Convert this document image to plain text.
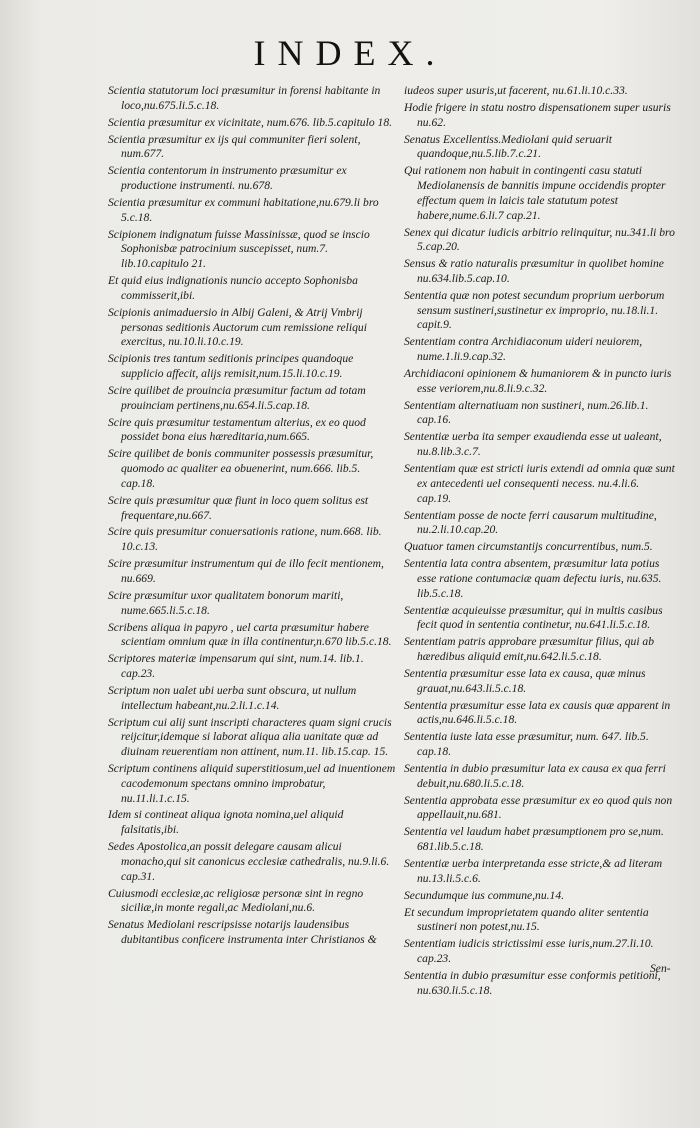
INDEX.
Scientia statutorum loci præsumitur in forensi habitante in loco,nu.675.li.5.c.18.
Scientia præsumitur ex vicinitate, num.676. lib.5.capitulo 18.
Scientia præsumitur ex ijs qui communiter fieri solent, num.677.
Scientia contentorum in instrumento præsumitur ex productione instrumenti. nu.678.
Scientia præsumitur ex communi habitatione,nu.679.li bro 5.c.18.
Scipionem indignatum fuisse Massinissæ, quod se inscio Sophonisbæ patrocinium suscepisset, num.7. lib.10.capitulo 21.
Et quid eius indignationis nuncio accepto Sophonisba commisserit,ibi.
Scipionis animaduersio in Albij Galeni, & Atrij Vmbrij personas seditionis Auctorum cum remissione reliqui exercitus, nu.10.li.10.c.19.
Scipionis tres tantum seditionis principes quandoque supplicio affecit, alijs remisit,num.15.li.10.c.19.
Scire quilibet de prouincia præsumitur factum ad totam prouinciam pertinens,nu.654.li.5.cap.18.
Scire quis præsumitur testamentum alterius, ex eo quod possidet bona eius hæreditaria,num.665.
Scire quilibet de bonis communiter possessis præsumitur, quomodo ac qualiter ea obuenerint, num.666. lib.5. cap.18.
Scire quis præsumitur quæ fiunt in loco quem solitus est frequentare,nu.667.
Scire quis presumitur conuersationis ratione, num.668. lib. 10.c.13.
Scire præsumitur instrumentum qui de illo fecit mentionem, nu.669.
Scire præsumitur uxor qualitatem bonorum mariti, nume.665.li.5.c.18.
Scribens aliqua in papyro , uel carta præsumitur habere scientiam omnium quæ in illa continentur,n.670 lib.5.c.18.
Scriptores materiæ impensarum qui sint, num.14. lib.1. cap.23.
Scriptum non ualet ubi uerba sunt obscura, ut nullum intellectum habeant,nu.2.li.1.c.14.
Scriptum cui alij sunt inscripti characteres quam signi crucis reijcitur,idemque si laborat aliqua alia uanitate quæ ad diuinam reuerentiam non attinent, num.11. lib.15.cap. 15.
Scriptum continens aliquid superstitiosum,uel ad inuentionem cacodemonum spectans omnino improbatur, nu.11.li.1.c.15.
Idem si contineat aliqua ignota nomina,uel aliquid falsitatis,ibi.
Sedes Apostolica,an possit delegare causam alicui monacho,qui sit canonicus ecclesiæ cathedralis, nu.9.li.6. cap.31.
Cuiusmodi ecclesiæ,ac religiosæ personæ sint in regno siciliæ,in monte regali,ac Mediolani,nu.6.
Senatus Mediolani rescripsisse notarijs laudensibus dubitantibus conficere instrumenta inter Christianos &
iudeos super usuris,ut facerent, nu.61.li.10.c.33.
Hodie frigere in statu nostro dispensationem super usuris nu.62.
Senatus Excellentiss.Mediolani quid seruarit quandoque,nu.5.lib.7.c.21.
Qui rationem non habuit in contingenti casu statuti Mediolanensis de bannitis impune occidendis propter effectum quem in laicis tale statutum potest habere,nume.6.li.7 cap.21.
Senex qui dicatur iudicis arbitrio relinquitur, nu.341.li bro 5.cap.20.
Sensus & ratio naturalis præsumitur in quolibet homine nu.634.lib.5.cap.10.
Sententia quæ non potest secundum proprium uerborum sensum sustineri,sustinetur ex improprio, nu.18.li.1. capit.9.
Sententiam contra Archidiaconum uideri neuiorem, nume.1.li.9.cap.32.
Archidiaconi opinionem & humaniorem & in puncto iuris esse veriorem,nu.8.li.9.c.32.
Sententiam alternatiuam non sustineri, num.26.lib.1. cap.16.
Sententiæ uerba ita semper exaudienda esse ut ualeant, nu.8.lib.3.c.7.
Sententiam quæ est stricti iuris extendi ad omnia quæ sunt ex antecedenti uel consequenti necess. nu.4.li.6. cap.19.
Sententiam posse de nocte ferri causarum multitudine, nu.2.li.10.cap.20.
Quatuor tamen circumstantijs concurrentibus, num.5.
Sententia lata contra absentem, præsumitur lata potius esse ratione contumaciæ quam defectu iuris, nu.635. lib.5.c.18.
Sententiæ acquieuisse præsumitur, qui in multis casibus fecit quod in sententia continetur, nu.641.li.5.c.18.
Sententiam patris approbare præsumitur filius, qui ab hæredibus aliquid emit,nu.642.li.5.c.18.
Sententia præsumitur esse lata ex causa, quæ minus grauat,nu.643.li.5.c.18.
Sententia præsumitur esse lata ex causis quæ apparent in actis,nu.646.li.5.c.18.
Sententia iuste lata esse præsumitur, num. 647. lib.5. cap.18.
Sententia in dubio præsumitur lata ex causa ex qua ferri debuit,nu.680.li.5.c.18.
Sententia approbata esse præsumitur ex eo quod quis non appellauit,nu.681.
Sententia vel laudum habet præsumptionem pro se,num. 681.lib.5.c.18.
Sententiæ uerba interpretanda esse stricte,& ad literam nu.13.li.5.c.6.
Secundumque ius commune,nu.14.
Et secundum improprietatem quando aliter sententia sustineri non potest,nu.15.
Sententiam iudicis strictissimi esse iuris,num.27.li.10. cap.23.
Sententia in dubio præsumitur esse conformis petitioni, nu.630.li.5.c.18.
Sen-
